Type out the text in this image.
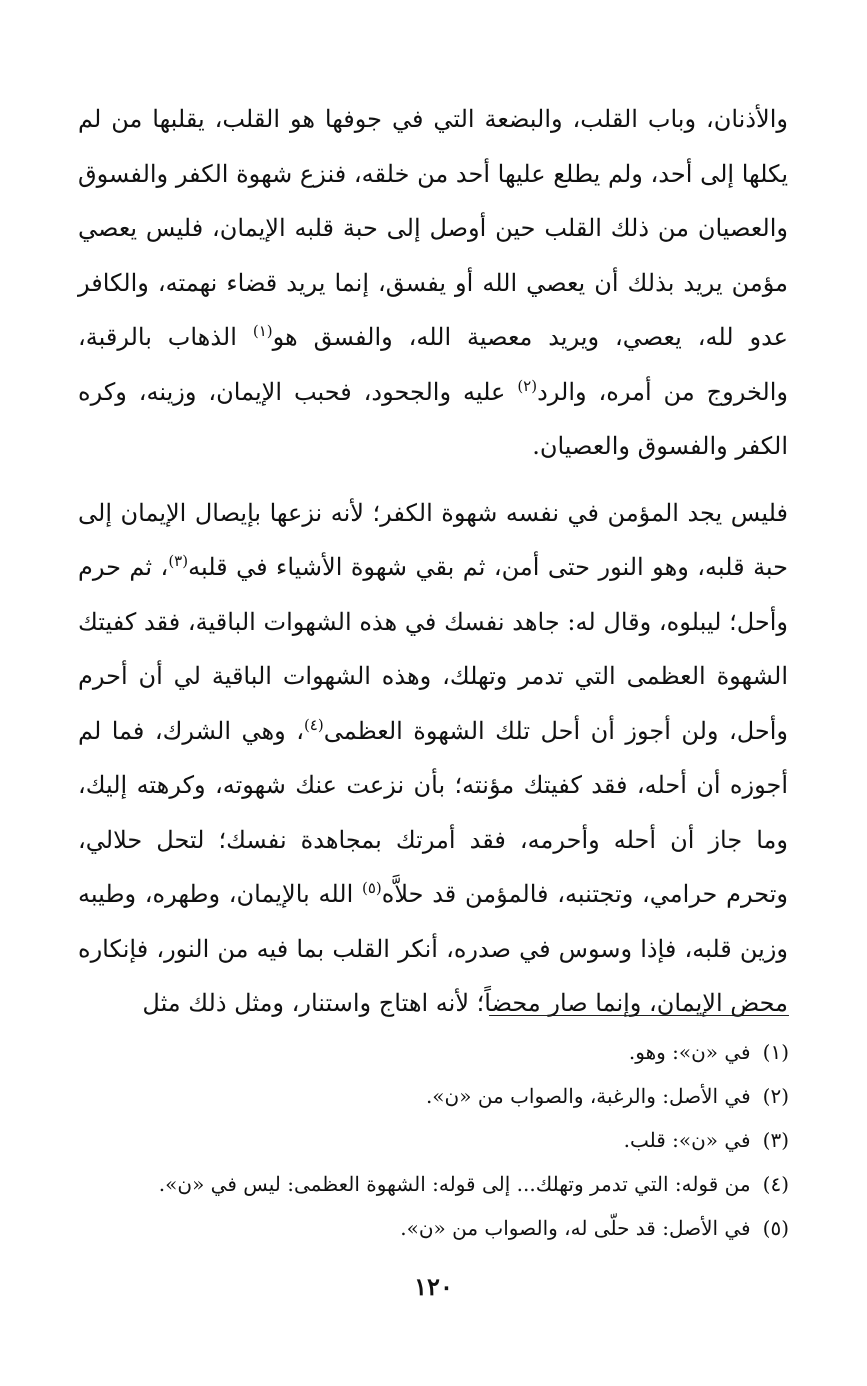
والأذنان، وباب القلب، والبضعة التي في جوفها هو القلب، يقلبها من لم يكلها إلى أحد، ولم يطلع عليها أحد من خلقه، فنزع شهوة الكفر والفسوق والعصيان من ذلك القلب حين أوصل إلى حبة قلبه الإيمان، فليس يعصي مؤمن يريد بذلك أن يعصي الله أو يفسق، إنما يريد قضاء نهمته، والكافر عدو لله، يعصي، ويريد معصية الله، والفسق هو$^{(١)}$ الذهاب بالرقبة، والخروج من أمره، والرد$^{(٢)}$ عليه والجحود، فحبب الإيمان، وزينه، وكره الكفر والفسوق والعصيان.

فليس يجد المؤمن في نفسه شهوة الكفر؛ لأنه نزعها بإيصال الإيمان إلى حبة قلبه، وهو النور حتى أمن، ثم بقي شهوة الأشياء في قلبه$^{(٣)}$، ثم حرم وأحل؛ ليبلوه، وقال له: جاهد نفسك في هذه الشهوات الباقية، فقد كفيتك الشهوة العظمى التي تدمر وتهلك، وهذه الشهوات الباقية لي أن أحرم وأحل، ولن أجوز أن أحل تلك الشهوة العظمى$^{(٤)}$، وهي الشرك، فما لم أجوزه أن أحله، فقد كفيتك مؤنته؛ بأن نزعت عنك شهوته، وكرهته إليك، وما جاز أن أحله وأحرمه، فقد أمرتك بمجاهدة نفسك؛ لتحل حلالي، وتحرم حرامي، وتجتنبه، فالمؤمن قد حلاَّه$^{(٥)}$ الله بالإيمان، وطهره، وطيبه وزين قلبه، فإذا وسوس في صدره، أنكر القلب بما فيه من النور، فإنكاره محض الإيمان، وإنما صار محضاً؛ لأنه اهتاج واستنار، ومثل ذلك مثل

(١)في «ن»: وهو.
(٢)في الأصل: والرغبة، والصواب من «ن».
(٣)في «ن»: قلب.
(٤)من قوله: التي تدمر وتهلك... إلى قوله: الشهوة العظمى: ليس في «ن».
(٥)في الأصل: قد حلّى له، والصواب من «ن».
١٢٠
